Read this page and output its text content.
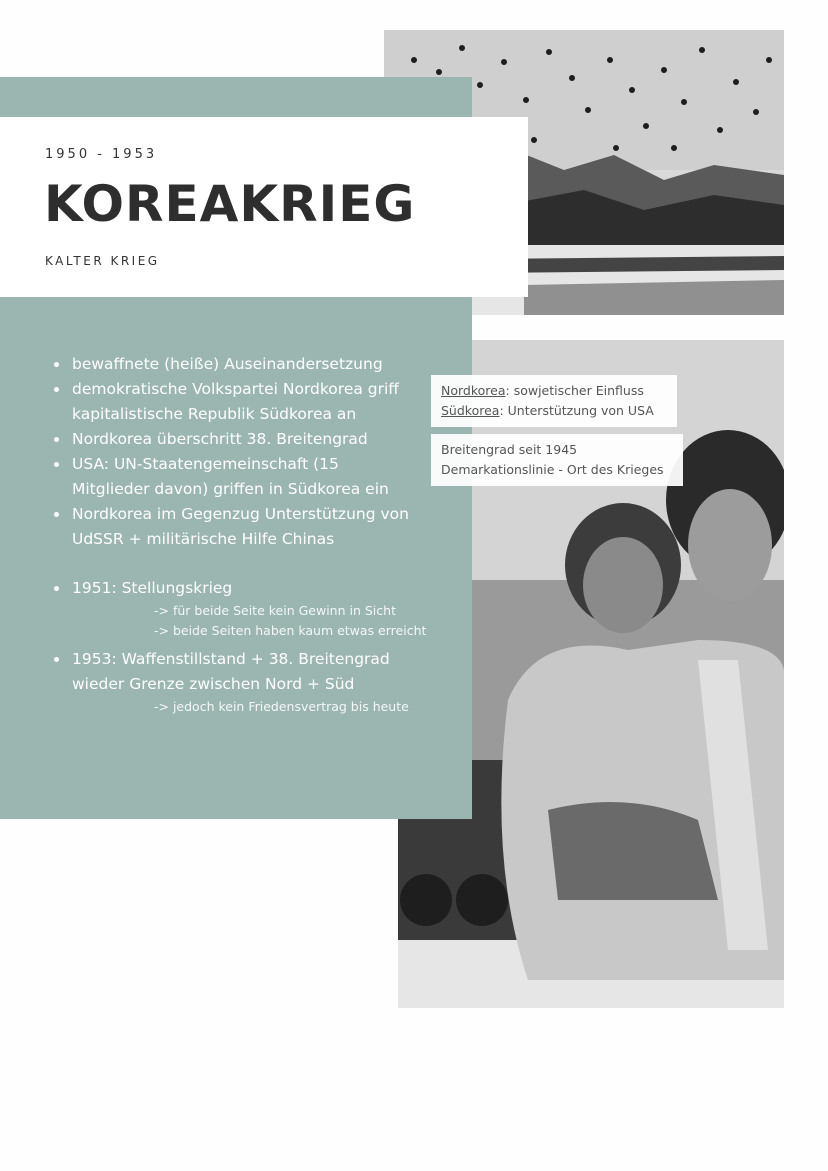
1950 - 1953
KOREAKRIEG
KALTER KRIEG

bewaffnete (heiße) Auseinandersetzung

demokratische Volkspartei Nordkorea griff
kapitalistische Republik Südkorea an

Nordkorea überschritt 38. Breitengrad

USA: UN-Staatengemeinschaft (15
Mitglieder davon) griffen in Südkorea ein

Nordkorea im Gegenzug Unterstützung von
UdSSR + militärische Hilfe Chinas

1951: Stellungskrieg

-> für beide Seite kein Gewinn in Sicht

-> beide Seiten haben kaum etwas erreicht

1953: Waffenstillstand + 38. Breitengrad
wieder Grenze zwischen Nord + Süd

-> jedoch kein Friedensvertrag bis heute

Nordkorea: sowjetischer Einfluss
Südkorea: Unterstützung von USA
Breitengrad seit 1945
Demarkationslinie - Ort des Krieges
